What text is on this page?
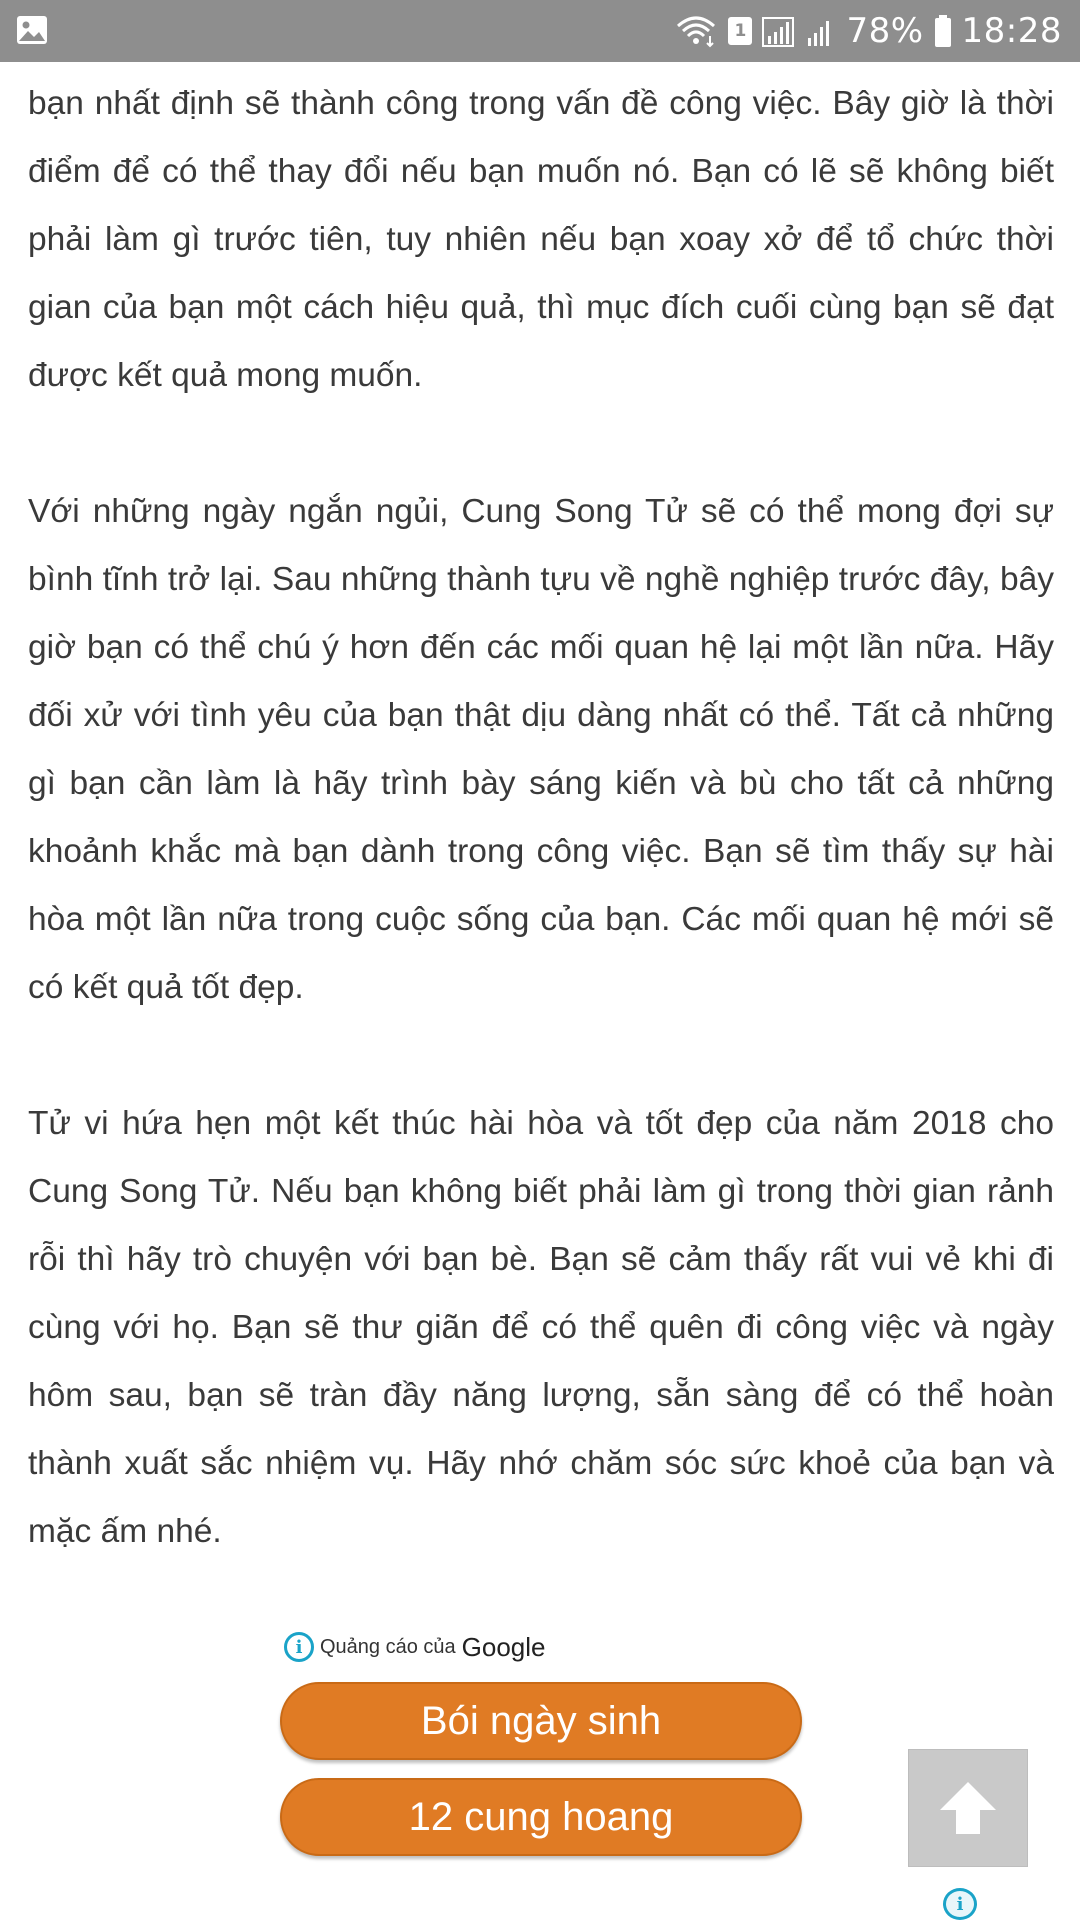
1	78% 18:28

bạn nhất định sẽ thành công trong vấn đề công việc. Bây giờ là thời điểm để có thể thay đổi nếu bạn muốn nó. Bạn có lẽ sẽ không biết phải làm gì trước tiên, tuy nhiên nếu bạn xoay xở để tổ chức thời gian của bạn một cách hiệu quả, thì mục đích cuối cùng bạn sẽ đạt được kết quả mong muốn.

Với những ngày ngắn ngủi, Cung Song Tử sẽ có thể mong đợi sự bình tĩnh trở lại. Sau những thành tựu về nghề nghiệp trước đây, bây giờ bạn có thể chú ý hơn đến các mối quan hệ lại một lần nữa. Hãy đối xử với tình yêu của bạn thật dịu dàng nhất có thể. Tất cả những gì bạn cần làm là hãy trình bày sáng kiến và bù cho tất cả những khoảnh khắc mà bạn dành trong công việc. Bạn sẽ tìm thấy sự hài hòa một lần nữa trong cuộc sống của bạn. Các mối quan hệ mới sẽ có kết quả tốt đẹp.

Tử vi hứa hẹn một kết thúc hài hòa và tốt đẹp của năm 2018 cho Cung Song Tử. Nếu bạn không biết phải làm gì trong thời gian rảnh rỗi thì hãy trò chuyện với bạn bè. Bạn sẽ cảm thấy rất vui vẻ khi đi cùng với họ. Bạn sẽ thư giãn để có thể quên đi công việc và ngày hôm sau, bạn sẽ tràn đầy năng lượng, sẵn sàng để có thể hoàn thành xuất sắc nhiệm vụ. Hãy nhớ chăm sóc sức khoẻ của bạn và mặc ấm nhé.

i Quảng cáo của Google
Bói ngày sinh
12 cung hoang
i
